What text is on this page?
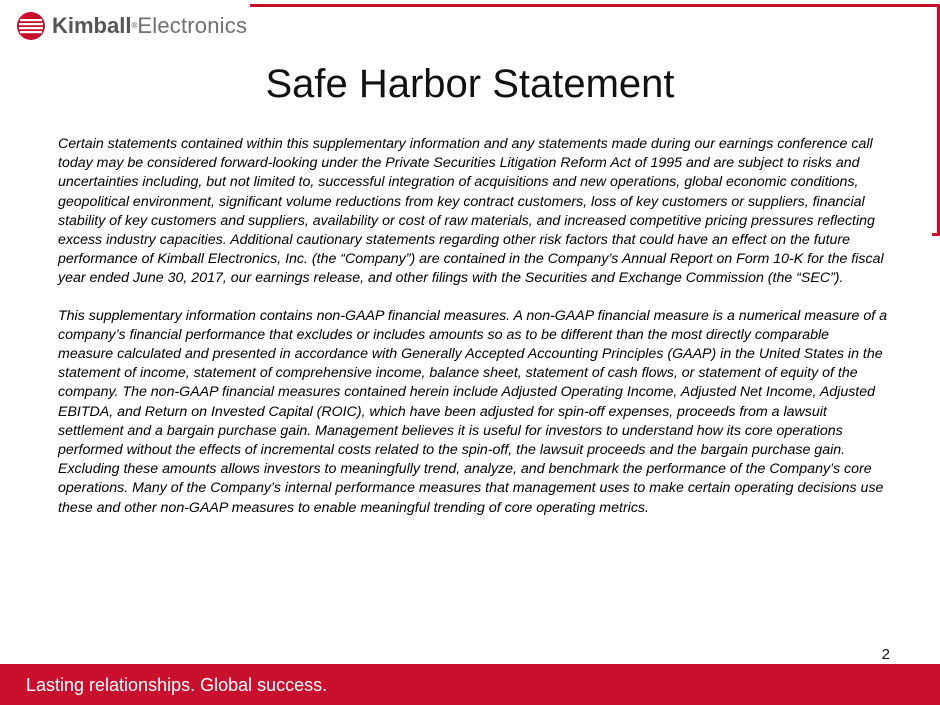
Kimball®Electronics
Safe Harbor Statement

Certain statements contained within this supplementary information and any statements made during our earnings conference call today may be considered forward-looking under the Private Securities Litigation Reform Act of 1995 and are subject to risks and uncertainties including, but not limited to, successful integration of acquisitions and new operations, global economic conditions, geopolitical environment, significant volume reductions from key contract customers, loss of key customers or suppliers, financial stability of key customers and suppliers, availability or cost of raw materials, and increased competitive pricing pressures reflecting excess industry capacities. Additional cautionary statements regarding other risk factors that could have an effect on the future performance of Kimball Electronics, Inc. (the “Company”) are contained in the Company’s Annual Report on Form 10-K for the fiscal year ended June 30, 2017, our earnings release, and other filings with the Securities and Exchange Commission (the “SEC”).

This supplementary information contains non-GAAP financial measures. A non-GAAP financial measure is a numerical measure of a company’s financial performance that excludes or includes amounts so as to be different than the most directly comparable measure calculated and presented in accordance with Generally Accepted Accounting Principles (GAAP) in the United States in the statement of income, statement of comprehensive income, balance sheet, statement of cash flows, or statement of equity of the company. The non-GAAP financial measures contained herein include Adjusted Operating Income, Adjusted Net Income, Adjusted EBITDA, and Return on Invested Capital (ROIC), which have been adjusted for spin-off expenses, proceeds from a lawsuit settlement and a bargain purchase gain. Management believes it is useful for investors to understand how its core operations performed without the effects of incremental costs related to the spin-off, the lawsuit proceeds and the bargain purchase gain. Excluding these amounts allows investors to meaningfully trend, analyze, and benchmark the performance of the Company’s core operations. Many of the Company’s internal performance measures that management uses to make certain operating decisions use these and other non-GAAP measures to enable meaningful trending of core operating metrics.

2
Lasting relationships. Global success.
